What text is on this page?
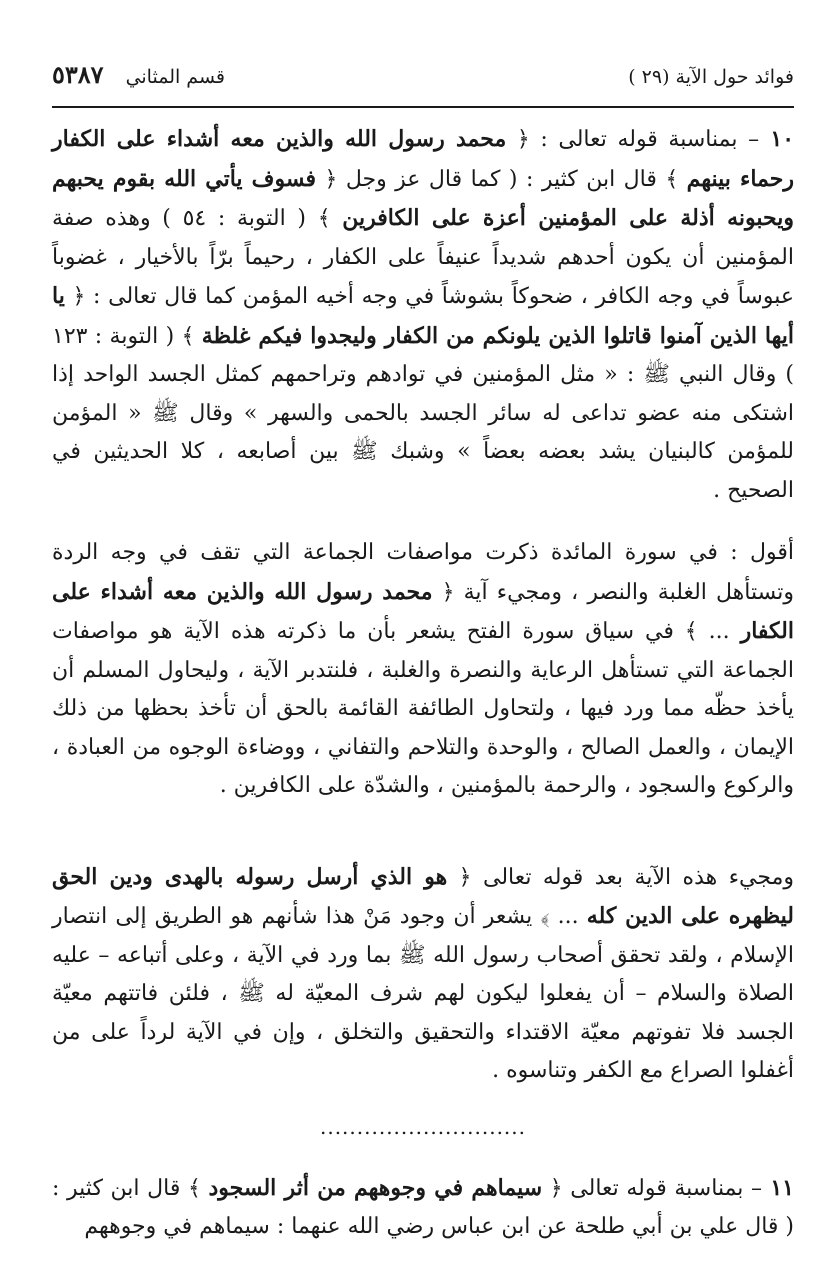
فوائد حول الآية (٢٩ )
قسم المثاني
٥٣٨٧

١٠ – بمناسبة قوله تعالى : ﴿ محمد رسول الله والذين معه أشداء على الكفار رحماء بينهم ﴾ قال ابن كثير : ( كما قال عز وجل ﴿ فسوف يأتي الله بقوم يحبهم ويحبونه أذلة على المؤمنين أعزة على الكافرين ﴾ ( التوبة : ٥٤ ) وهذه صفة المؤمنين أن يكون أحدهم شديداً عنيفاً على الكفار ، رحيماً برّاً بالأخيار ، غضوباً عبوساً في وجه الكافر ، ضحوكاً بشوشاً في وجه أخيه المؤمن كما قال تعالى : ﴿ يا أيها الذين آمنوا قاتلوا الذين يلونكم من الكفار وليجدوا فيكم غلظة ﴾ ( التوبة : ١٢٣ ) وقال النبي ﷺ : « مثل المؤمنين في توادهم وتراحمهم كمثل الجسد الواحد إذا اشتكى منه عضو تداعى له سائر الجسد بالحمى والسهر » وقال ﷺ « المؤمن للمؤمن كالبنيان يشد بعضه بعضاً » وشبك ﷺ بين أصابعه ، كلا الحديثين في الصحيح .

أقول : في سورة المائدة ذكرت مواصفات الجماعة التي تقف في وجه الردة وتستأهل الغلبة والنصر ، ومجيء آية ﴿ محمد رسول الله والذين معه أشداء على الكفار ... ﴾ في سياق سورة الفتح يشعر بأن ما ذكرته هذه الآية هو مواصفات الجماعة التي تستأهل الرعاية والنصرة والغلبة ، فلنتدبر الآية ، وليحاول المسلم أن يأخذ حظّه مما ورد فيها ، ولتحاول الطائفة القائمة بالحق أن تأخذ بحظها من ذلك الإيمان ، والعمل الصالح ، والوحدة والتلاحم والتفاني ، ووضاءة الوجوه من العبادة ، والركوع والسجود ، والرحمة بالمؤمنين ، والشدّة على الكافرين .

ومجيء هذه الآية بعد قوله تعالى ﴿ هو الذي أرسل رسوله بالهدى ودين الحق ليظهره على الدين كله ... ﴾ يشعر أن وجود مَنْ هذا شأنهم هو الطريق إلى انتصار الإسلام ، ولقد تحقق أصحاب رسول الله ﷺ بما ورد في الآية ، وعلى أتباعه – عليه الصلاة والسلام – أن يفعلوا ليكون لهم شرف المعيّة له ﷺ ، فلئن فاتتهم معيّة الجسد فلا تفوتهم معيّة الاقتداء والتحقيق والتخلق ، وإن في الآية لرداً على من أغفلوا الصراع مع الكفر وتناسوه .

............................

١١ – بمناسبة قوله تعالى ﴿ سيماهم في وجوههم من أثر السجود ﴾ قال ابن كثير : ( قال علي بن أبي طلحة عن ابن عباس رضي الله عنهما : سيماهم في وجوههم
